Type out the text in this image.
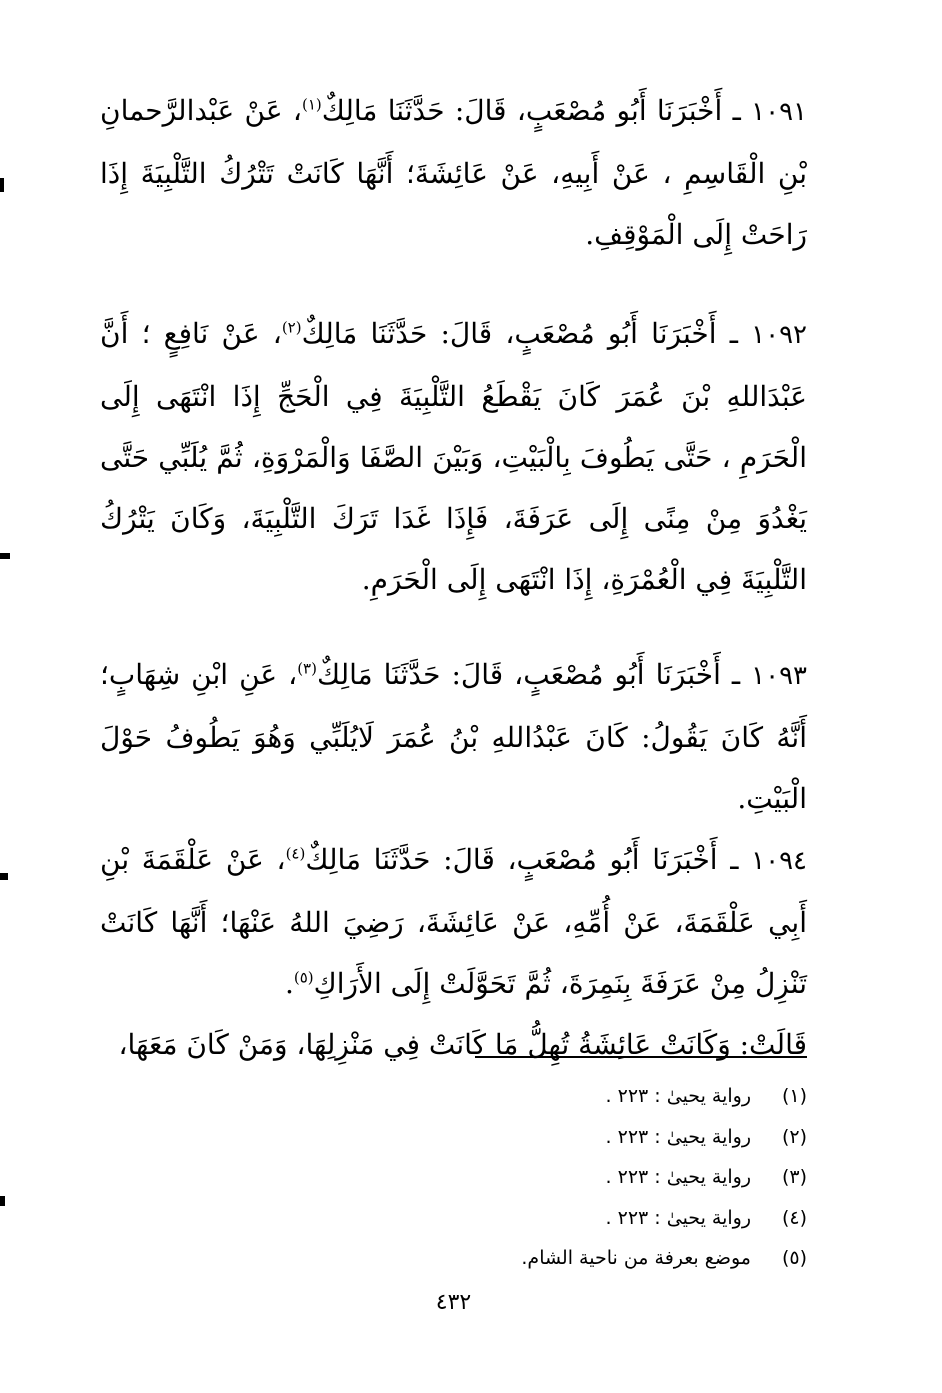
١٠٩١ ـ أَخْبَرَنَا أَبُو مُصْعَبٍ، قَالَ: حَدَّثَنَا مَالِكٌ$^{(١)}$، عَنْ عَبْدالرَّحمانِ بْنِ الْقَاسِمِ ، عَنْ أَبِيهِ، عَنْ عَائِشَةَ؛ أَنَّهَا كَانَتْ تَتْرُكُ التَّلْبِيَةَ إِذَا رَاحَتْ إِلَى الْمَوْقِفِ.

١٠٩٢ ـ أَخْبَرَنَا أَبُو مُصْعَبٍ، قَالَ: حَدَّثَنَا مَالِكٌ$^{(٢)}$، عَنْ نَافِعٍ ؛ أَنَّ عَبْدَاللهِ بْنَ عُمَرَ كَانَ يَقْطَعُ التَّلْبِيَةَ فِي الْحَجِّ إِذَا انْتَهَى إِلَى الْحَرَمِ ، حَتَّى يَطُوفَ بِالْبَيْتِ، وَبَيْنَ الصَّفَا وَالْمَرْوَةِ، ثُمَّ يُلَبِّي حَتَّى يَغْدُوَ مِنْ مِنًى إِلَى عَرَفَةَ، فَإِذَا غَدَا تَرَكَ التَّلْبِيَةَ، وَكَانَ يَتْرُكُ التَّلْبِيَةَ فِي الْعُمْرَةِ، إِذَا انْتَهَى إِلَى الْحَرَمِ.

١٠٩٣ ـ أَخْبَرَنَا أَبُو مُصْعَبٍ، قَالَ: حَدَّثَنَا مَالِكٌ$^{(٣)}$، عَنِ ابْنِ شِهَابٍ؛ أَنَّهُ كَانَ يَقُولُ: كَانَ عَبْدُاللهِ بْنُ عُمَرَ لَايُلَبِّي وَهُوَ يَطُوفُ حَوْلَ الْبَيْتِ.

١٠٩٤ ـ أَخْبَرَنَا أَبُو مُصْعَبٍ، قَالَ: حَدَّثَنَا مَالِكٌ$^{(٤)}$، عَنْ عَلْقَمَةَ بْنِ أَبِي عَلْقَمَةَ، عَنْ أُمِّهِ، عَنْ عَائِشَةَ، رَضِيَ اللهُ عَنْهَا؛ أَنَّهَا كَانَتْ تَنْزِلُ مِنْ عَرَفَةَ بِنَمِرَةَ، ثُمَّ تَحَوَّلَتْ إِلَى الأَرَاكِ$^{(٥)}$.

قَالَتْ: وَكَانَتْ عَائِشَةُ تُهِلُّ مَا كَانَتْ فِي مَنْزِلِهَا، وَمَنْ كَانَ مَعَهَا،

(١)
رواية يحيىٰ : ٢٢٣ .
(٢)
رواية يحيىٰ : ٢٢٣ .
(٣)
رواية يحيىٰ : ٢٢٣ .
(٤)
رواية يحيىٰ : ٢٢٣ .
(٥)
موضع بعرفة من ناحية الشام.
٤٣٢
